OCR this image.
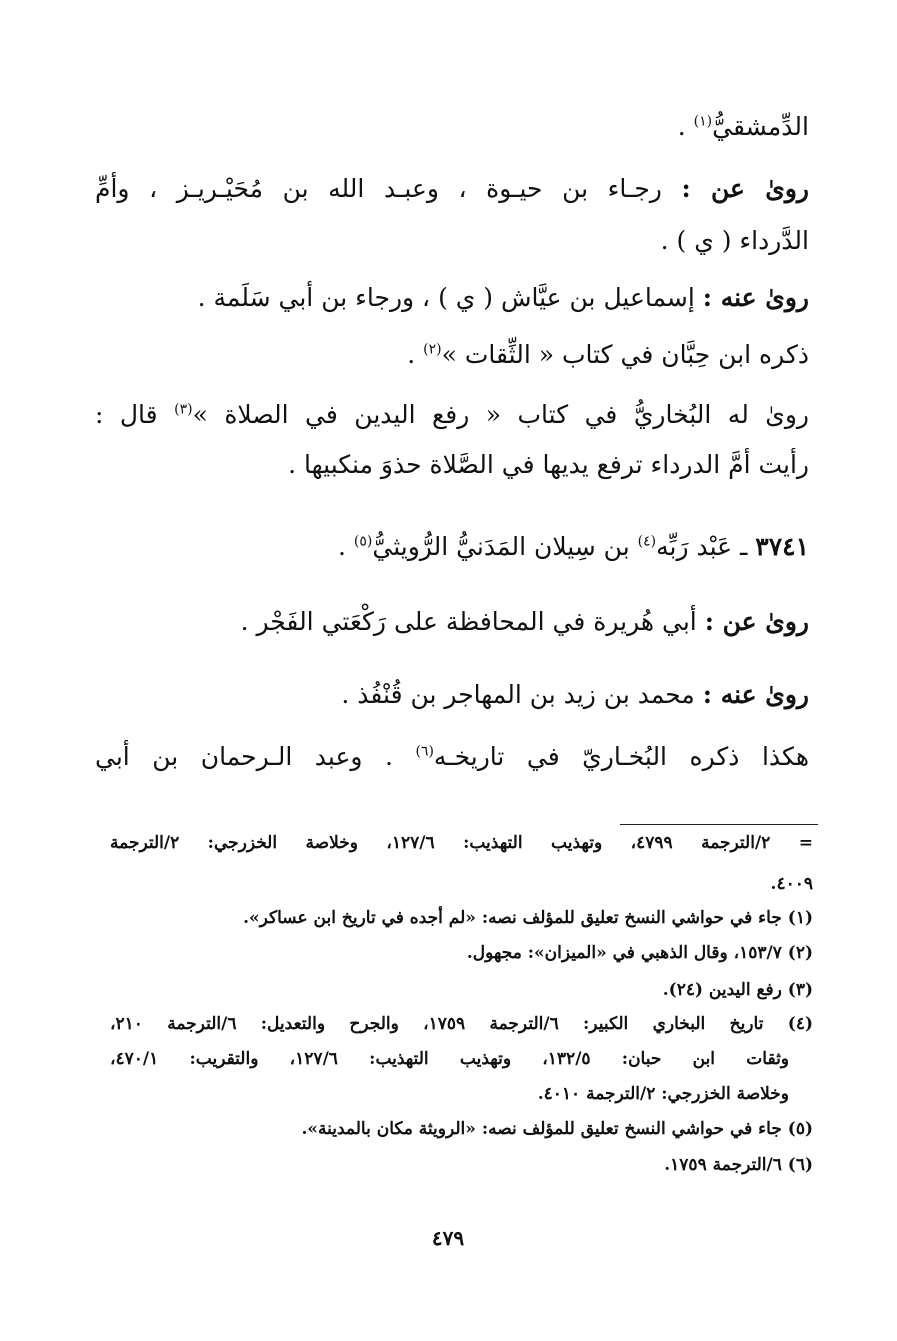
الدِّمشقيُّ$^{(١)}$ .
روىٰ عن : رجـاء بن حيـوة ، وعبـد الله بن مُحَيْـريـز ، وأمِّ
الدَّرداء ( ي ) .
روىٰ عنه : إسماعيل بن عيَّاش ( ي ) ، ورجاء بن أبي سَلَمة .
ذكره ابن حِبَّان في كتاب « الثِّقات »$^{(٢)}$ .
روىٰ له البُخاريُّ في كتاب « رفع اليدين في الصلاة »$^{(٣)}$ قال :
رأيت أمَّ الدرداء ترفع يديها في الصَّلاة حذوَ منكبيها .
٣٧٤١ ـ عَبْد رَبِّه$^{(٤)}$ بن سِيلان المَدَنيُّ الرُّويثيُّ$^{(٥)}$ .
روىٰ عن : أبي هُريرة في المحافظة على رَكْعَتي الفَجْر .
روىٰ عنه : محمد بن زيد بن المهاجر بن قُنْفُذ .
هكذا ذكره البُخـاريّ في تاريخـه$^{(٦)}$ . وعبد الـرحمان بن أبي
= ٢/الترجمة ٤٧٩٩، وتهذيب التهذيب: ١٢٧/٦، وخلاصة الخزرجي: ٢/الترجمة
٤٠٠٩.
(١) جاء في حواشي النسخ تعليق للمؤلف نصه: «لم أجده في تاريخ ابن عساكر».
(٢) ١٥٣/٧، وقال الذهبي في «الميزان»: مجهول.
(٣) رفع اليدين (٢٤).
(٤) تاريخ البخاري الكبير: ٦/الترجمة ١٧٥٩، والجرح والتعديل: ٦/الترجمة ٢١٠،
وثقات ابن حبان: ١٣٢/٥، وتهذيب التهذيب: ١٢٧/٦، والتقريب: ٤٧٠/١،
وخلاصة الخزرجي: ٢/الترجمة ٤٠١٠.
(٥) جاء في حواشي النسخ تعليق للمؤلف نصه: «الرويثة مكان بالمدينة».
(٦) ٦/الترجمة ١٧٥٩.
٤٧٩
